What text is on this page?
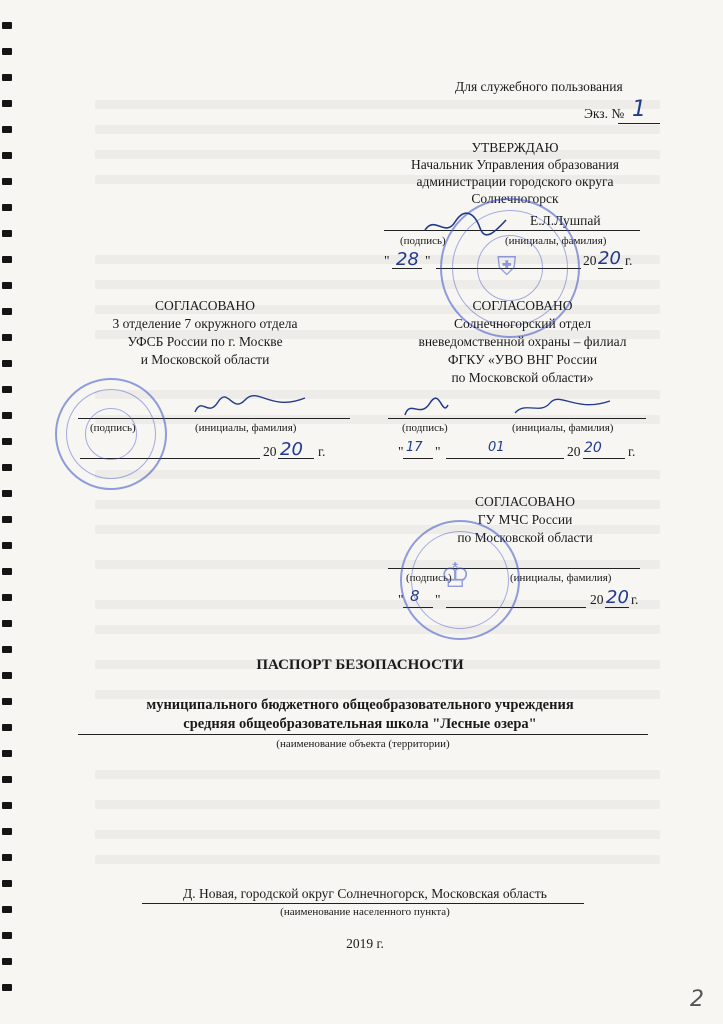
Для служебного пользования
Экз. № 1
УТВЕРЖДАЮ
Начальник Управления образования
администрации городского округа
Солнечногорск
Е.Л.Лушпай
(подпись)	(инициалы, фамилия)
" 28 "	20 20 г.
⛨
СОГЛАСОВАНО
3 отделение 7 окружного отдела
УФСБ России по г. Москве
и Московской области
(подпись)	(инициалы, фамилия)
20 20 г.
СОГЛАСОВАНО
Солнечногорский отдел
вневедомственной охраны – филиал
ФГКУ «УВО ВНГ России
по Московской области»
(подпись)	(инициалы, фамилия)
" 17 "	01	20 20 г.
СОГЛАСОВАНО
ГУ МЧС России
по Московской области
(подпись)	(инициалы, фамилия)
" 8 "	20 20 г.
♔
ПАСПОРТ БЕЗОПАСНОСТИ
муниципального бюджетного общеобразовательного учреждения
средняя общеобразовательная школа "Лесные озера"
(наименование объекта (территории)
Д. Новая, городской округ Солнечногорск, Московская область
(наименование населенного пункта)
2019 г.
2
